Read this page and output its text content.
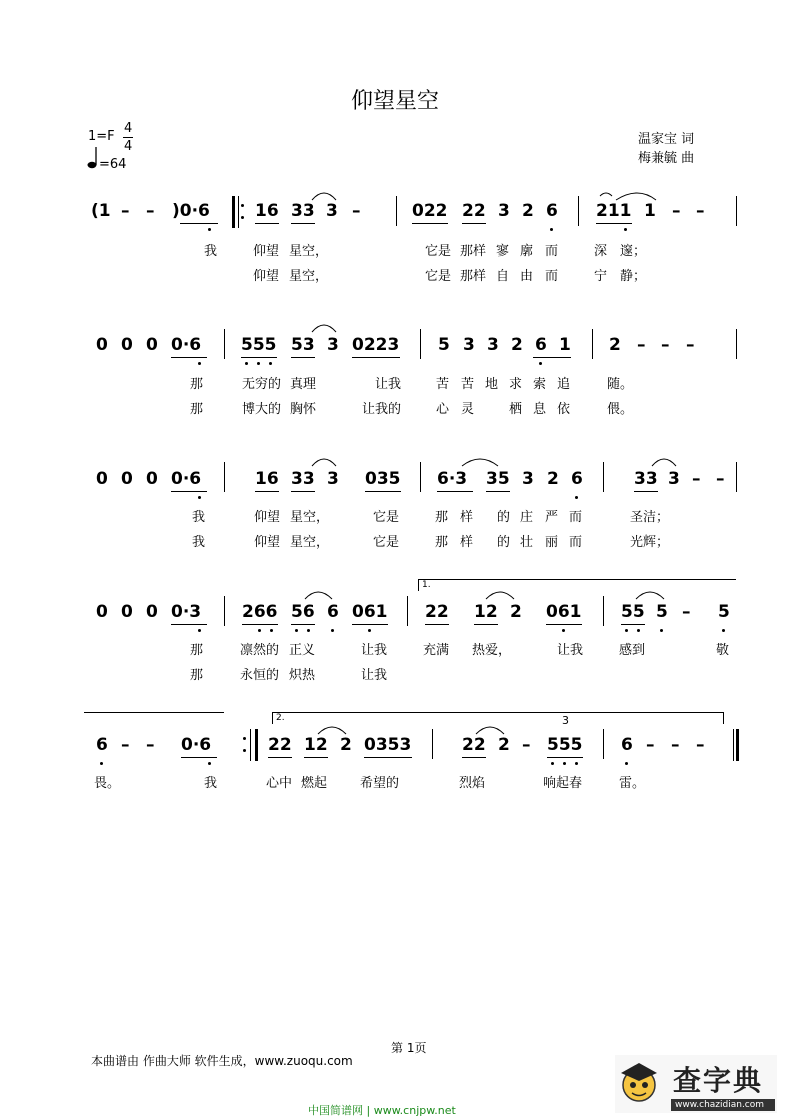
仰望星空
1=F
4
4
=64
温家宝 词
梅兼毓 曲
(1 – – )0·6	16 33 3 –	022 22 3 2 6 211 1 – –
我	仰望 星空，	它是 那样 寥 廓 而	深 邃；
仰望 星空，	它是 那样 自 由 而	宁 静；
0 0 0 0·6 555 53 3 0223 5 3 3 2 6 1 2 – – –
那	无穷的 真理	让我	苦 苦 地 求 索 追	随。
那	博大的 胸怀	让我的	心 灵	栖 息 依	偎。
0 0 0 0·6	16 33 3 035 6·3 35 3 2 6	33 3 – –
我	仰望 星空，	它是	那 样 的 庄 严 而	圣洁；
我	仰望 星空，	它是	那 样 的 壮 丽 而	光辉；
1.
0 0 0 0·3 266 56 6 061 22 12 2 061 55 5 – 5
那	凛然的 正义	让我	充满 热爱，	让我	感到	敬
那	永恒的 炽热	让我
2.	3
6 – – 0·6	22 12 2 0353	22 2 – 555 6 – – –
畏。	我	心中 燃起	希望的	烈焰	响起春	雷。
第 1页
本曲谱由 作曲大师 软件生成，www.zuoqu.com
中国简谱网 | www.cnjpw.net
查字典
www.chazidian.com
